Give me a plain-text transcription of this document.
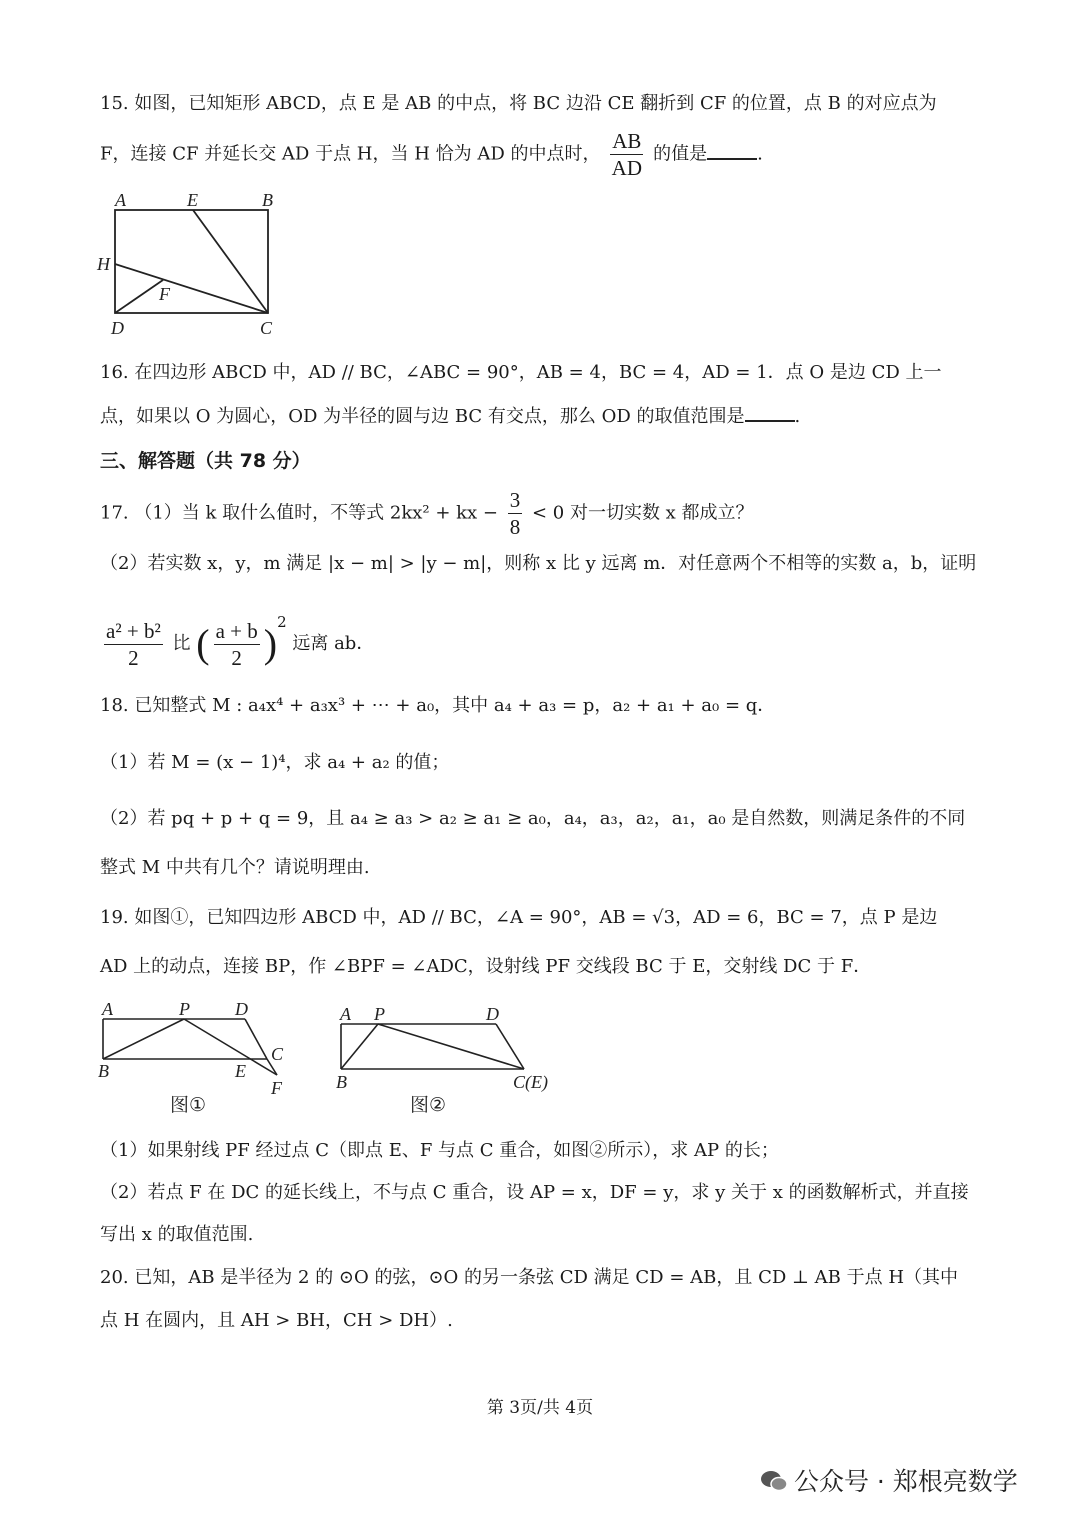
15. 如图，已知矩形 ABCD，点 E 是 AB 的中点，将 BC 边沿 CE 翻折到 CF 的位置，点 B 的对应点为
F，连接 CF 并延长交 AD 于点 H，当 H 恰为 AD 的中点时， $\frac{AB}{AD}$ 的值是	.
A	E	B
H
F
D	C
16. 在四边形 ABCD 中，AD // BC，∠ABC = 90°，AB = 4，BC = 4，AD = 1．点 O 是边 CD 上一
点，如果以 O 为圆心，OD 为半径的圆与边 BC 有交点，那么 OD 的取值范围是	.
三、解答题（共 78 分）
17. （1）当 k 取什么值时，不等式 2kx² + kx − $\frac{3}{8} < 0$ 对一切实数 x 都成立？
（2）若实数 x，y，m 满足 |x − m| > |y − m|，则称 x 比 y 远离 m．对任意两个不相等的实数 a，b，证明
$\frac{\text{a² + b²}}{2}$ 比 ( $\frac{a + b}{2} )^2$ 远离 ab．
18. 已知整式 M : a₄x⁴ + a₃x³ + ⋯ + a₀，其中 a₄ + a₃ = p，a₂ + a₁ + a₀ = q．
（1）若 M = (x − 1)⁴，求 a₄ + a₂ 的值；
（2）若 pq + p + q = 9，且 a₄ ≥ a₃ > a₂ ≥ a₁ ≥ a₀，a₄，a₃，a₂，a₁，a₀ 是自然数，则满足条件的不同
整式 M 中共有几个？请说明理由.
19. 如图①，已知四边形 ABCD 中，AD // BC，∠A = 90°，AB = √3，AD = 6，BC = 7，点 P 是边
AD 上的动点，连接 BP，作 ∠BPF = ∠ADC，设射线 PF 交线段 BC 于 E，交射线 DC 于 F．
A	P	D
C
B	E
F
图①
A P	D
B	C(E)
图②
（1）如果射线 PF 经过点 C（即点 E、F 与点 C 重合，如图②所示），求 AP 的长；
（2）若点 F 在 DC 的延长线上，不与点 C 重合，设 AP = x，DF = y，求 y 关于 x 的函数解析式，并直接
写出 x 的取值范围.
20. 已知，AB 是半径为 2 的 ⊙O 的弦，⊙O 的另一条弦 CD 满足 CD = AB，且 CD ⊥ AB 于点 H（其中
点 H 在圆内，且 AH > BH，CH > DH）.
第 3页/共 4页
公众号 · 郑根亮数学
